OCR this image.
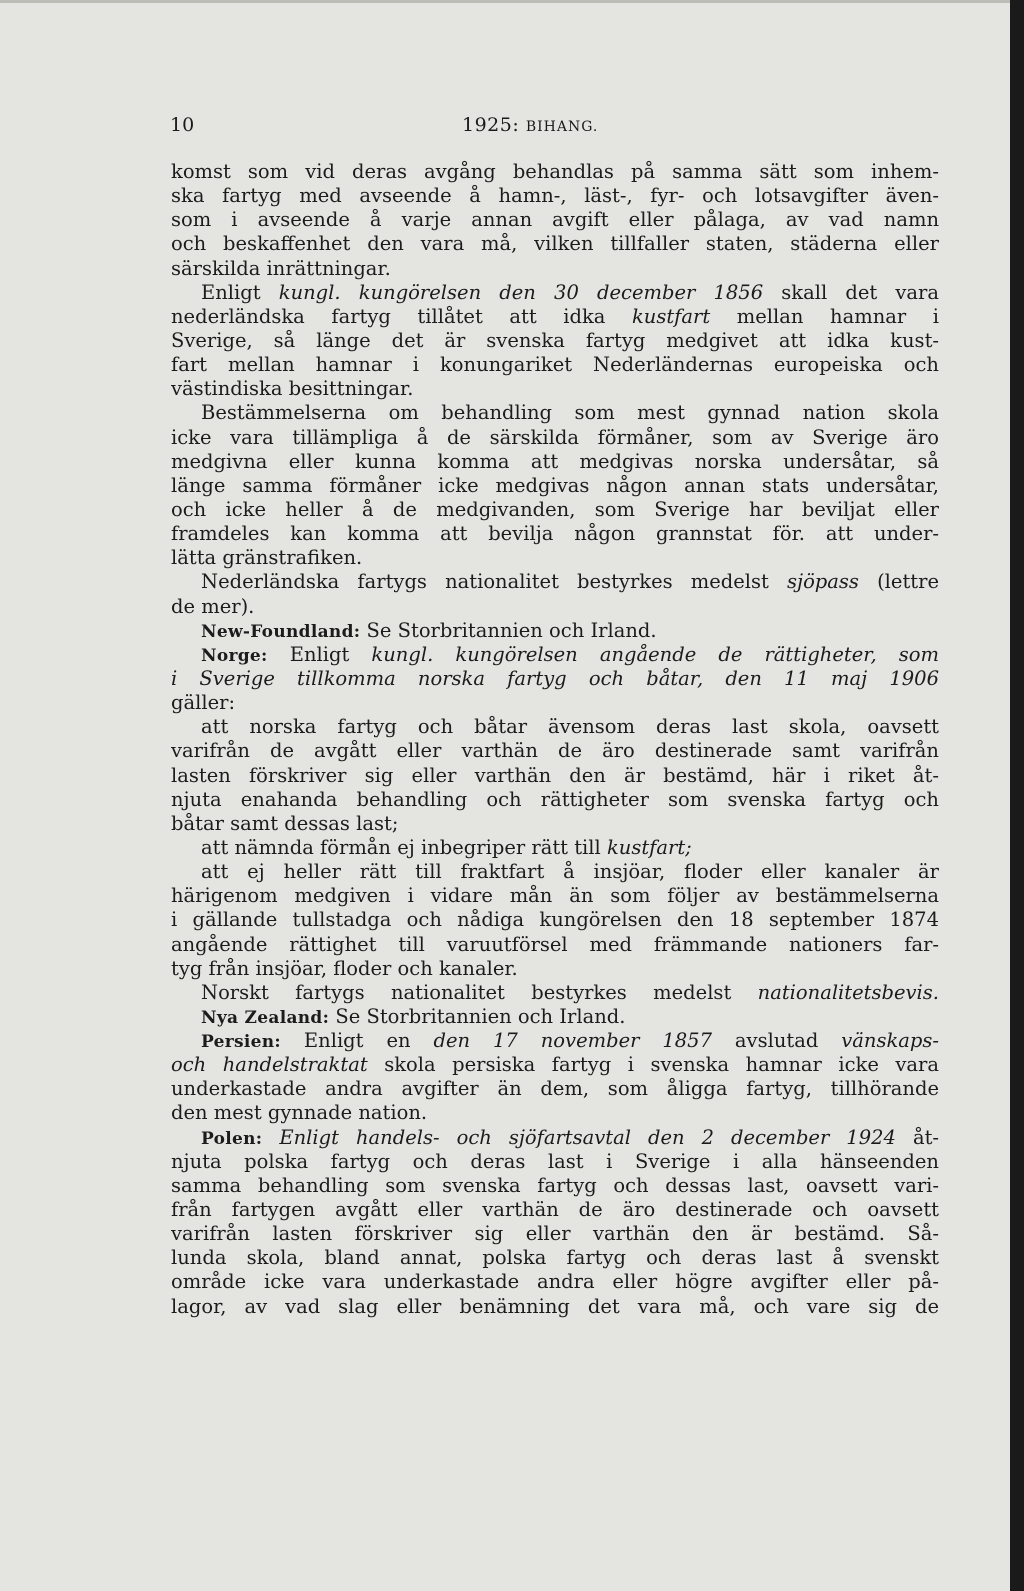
10	1925: BIHANG.
komst som vid deras avgång behandlas på samma sätt som inhem-
ska fartyg med avseende å hamn-, läst-, fyr- och lotsavgifter även-
som i avseende å varje annan avgift eller pålaga, av vad namn
och beskaffenhet den vara må, vilken tillfaller staten, städerna eller
särskilda inrättningar.
Enligt kungl. kungörelsen den 30 december 1856 skall det vara
nederländska fartyg tillåtet att idka kustfart mellan hamnar i
Sverige, så länge det är svenska fartyg medgivet att idka kust-
fart mellan hamnar i konungariket Nederländernas europeiska och
västindiska besittningar.
Bestämmelserna om behandling som mest gynnad nation skola
icke vara tillämpliga å de särskilda förmåner, som av Sverige äro
medgivna eller kunna komma att medgivas norska undersåtar, så
länge samma förmåner icke medgivas någon annan stats undersåtar,
och icke heller å de medgivanden, som Sverige har beviljat eller
framdeles kan komma att bevilja någon grannstat för. att under-
lätta gränstrafiken.
Nederländska fartygs nationalitet bestyrkes medelst sjöpass (lettre
de mer).
New-Foundland: Se Storbritannien och Irland.
Norge: Enligt kungl. kungörelsen angående de rättigheter, som
i Sverige tillkomma norska fartyg och båtar, den 11 maj 1906
gäller:
att norska fartyg och båtar ävensom deras last skola, oavsett
varifrån de avgått eller varthän de äro destinerade samt varifrån
lasten förskriver sig eller varthän den är bestämd, här i riket åt-
njuta enahanda behandling och rättigheter som svenska fartyg och
båtar samt dessas last;
att nämnda förmån ej inbegriper rätt till kustfart;
att ej heller rätt till fraktfart å insjöar, floder eller kanaler är
härigenom medgiven i vidare mån än som följer av bestämmelserna
i gällande tullstadga och nådiga kungörelsen den 18 september 1874
angående rättighet till varuutförsel med främmande nationers far-
tyg från insjöar, floder och kanaler.
Norskt fartygs nationalitet bestyrkes medelst nationalitetsbevis.
Nya Zealand: Se Storbritannien och Irland.
Persien: Enligt en den 17 november 1857 avslutad vänskaps-
och handelstraktat skola persiska fartyg i svenska hamnar icke vara
underkastade andra avgifter än dem, som åligga fartyg, tillhörande
den mest gynnade nation.
Polen: Enligt handels- och sjöfartsavtal den 2 december 1924 åt-
njuta polska fartyg och deras last i Sverige i alla hänseenden
samma behandling som svenska fartyg och dessas last, oavsett vari-
från fartygen avgått eller varthän de äro destinerade och oavsett
varifrån lasten förskriver sig eller varthän den är bestämd. Så-
lunda skola, bland annat, polska fartyg och deras last å svenskt
område icke vara underkastade andra eller högre avgifter eller på-
lagor, av vad slag eller benämning det vara må, och vare sig de
